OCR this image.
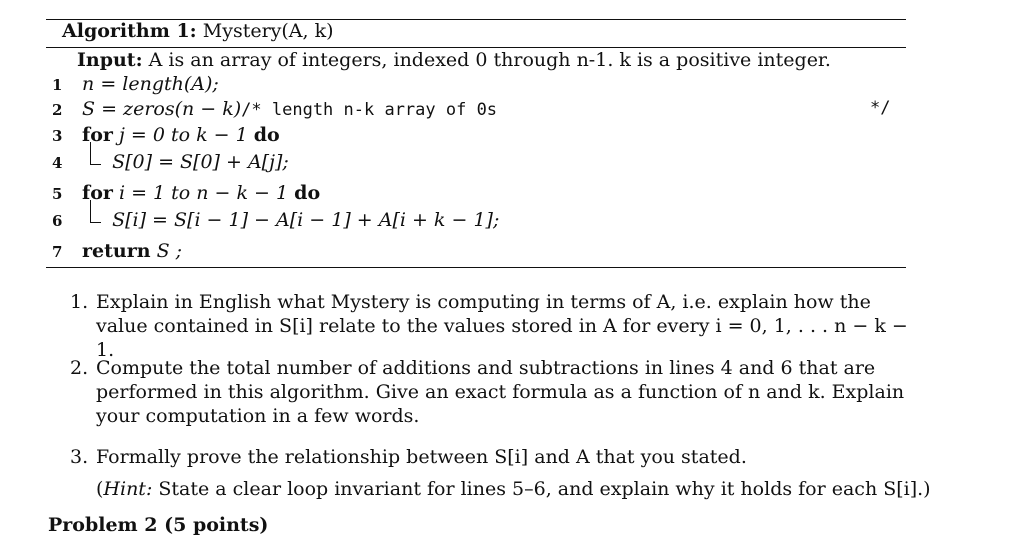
Algorithm 1: Mystery(A, k)
Input: A is an array of integers, indexed 0 through n-1. k is a positive integer.
1 n = length(A);
2 S = zeros(n − k)/* length n-k array of 0s	*/
3 for j = 0 to k − 1 do
4	S[0] = S[0] + A[j];
5 for i = 1 to n − k − 1 do
6	S[i] = S[i − 1] − A[i − 1] + A[i + k − 1];
7 return S ;
1. Explain in English what Mystery is computing in terms of A, i.e. explain how the value contained in S[i] relate to the values stored in A for every i = 0, 1, . . . n − k − 1.
2. Compute the total number of additions and subtractions in lines 4 and 6 that are performed in this algorithm. Give an exact formula as a function of n and k. Explain your computation in a few words.
3. Formally prove the relationship between S[i] and A that you stated.
(Hint: State a clear loop invariant for lines 5–6, and explain why it holds for each S[i].)
Problem 2 (5 points)
